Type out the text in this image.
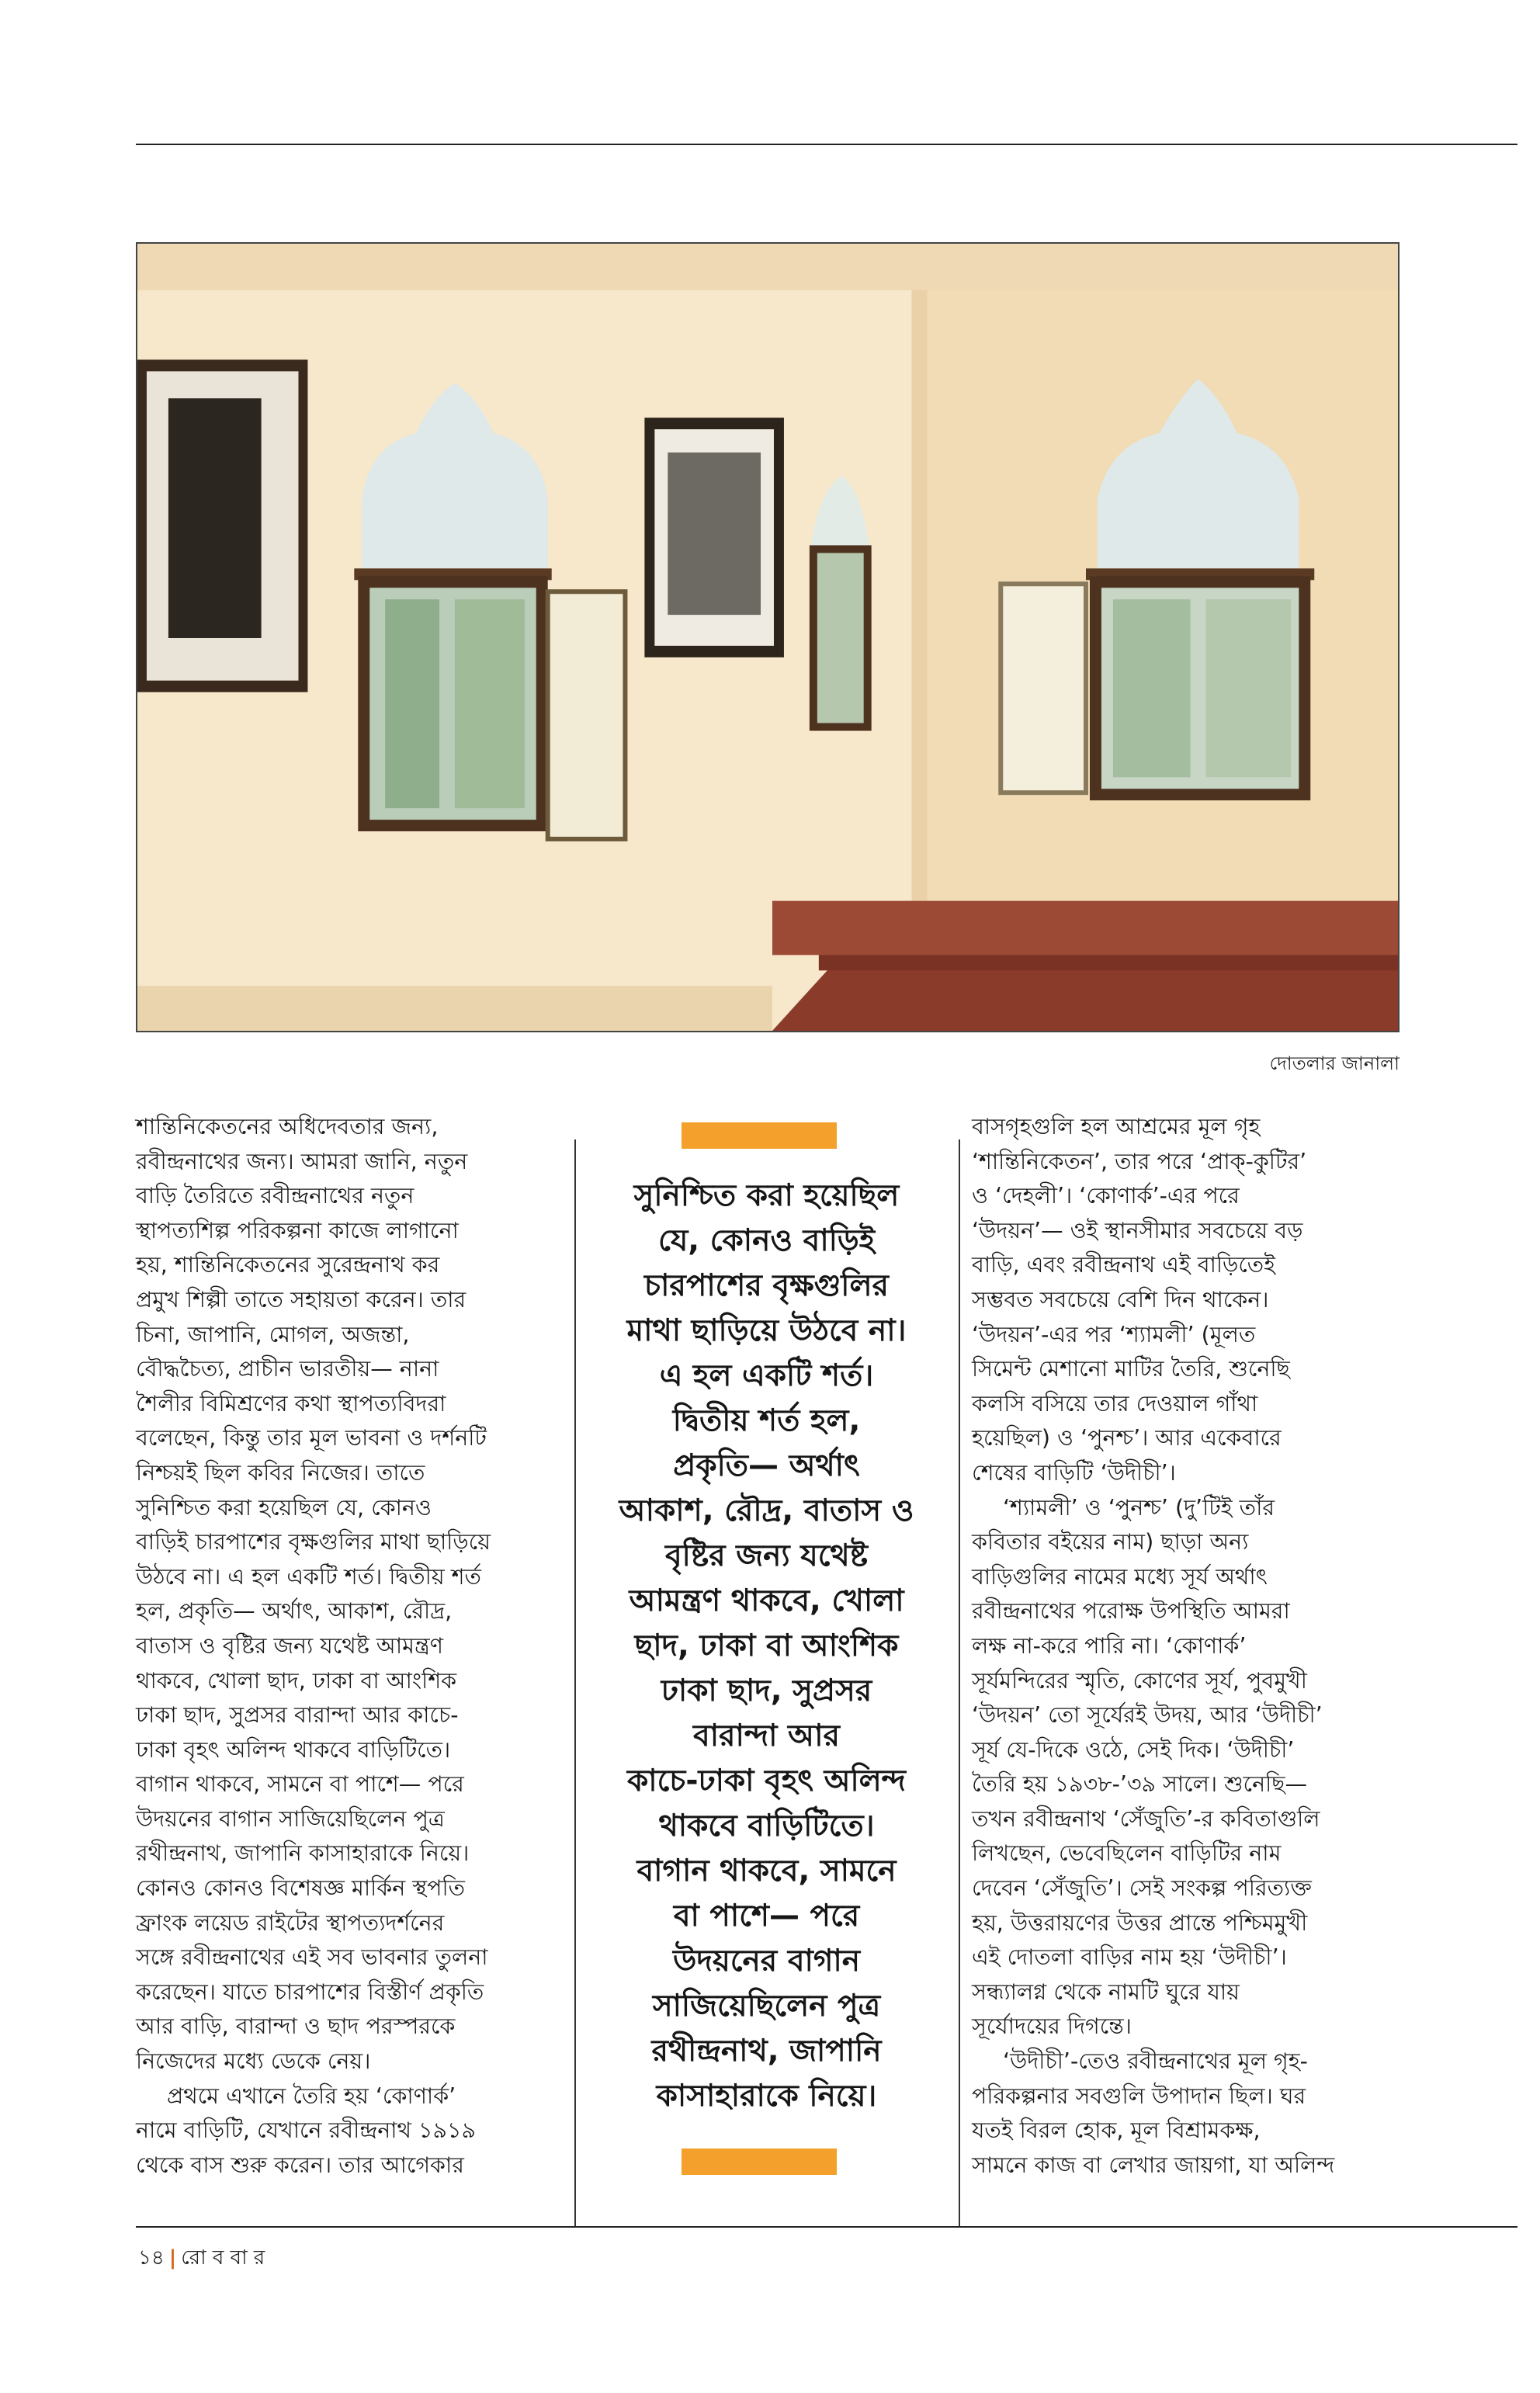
দোতলার জানালা

শান্তিনিকেতনের অধিদেবতার জন্য,
রবীন্দ্রনাথের জন্য। আমরা জানি, নতুন
বাড়ি তৈরিতে রবীন্দ্রনাথের নতুন
স্থাপত্যশিল্প পরিকল্পনা কাজে লাগানো
হয়, শান্তিনিকেতনের সুরেন্দ্রনাথ কর
প্রমুখ শিল্পী তাতে সহায়তা করেন। তার
চিনা, জাপানি, মোগল, অজন্তা,
বৌদ্ধচৈত্য, প্রাচীন ভারতীয়— নানা
শৈলীর বিমিশ্রণের কথা স্থাপত্যবিদরা
বলেছেন, কিন্তু তার মূল ভাবনা ও দর্শনটি
নিশ্চয়ই ছিল কবির নিজের। তাতে
সুনিশ্চিত করা হয়েছিল যে, কোনও
বাড়িই চারপাশের বৃক্ষগুলির মাথা ছাড়িয়ে
উঠবে না। এ হল একটি শর্ত। দ্বিতীয় শর্ত
হল, প্রকৃতি— অর্থাৎ, আকাশ, রৌদ্র,
বাতাস ও বৃষ্টির জন্য যথেষ্ট আমন্ত্রণ
থাকবে, খোলা ছাদ, ঢাকা বা আংশিক
ঢাকা ছাদ, সুপ্রসর বারান্দা আর কাচে-
ঢাকা বৃহৎ অলিন্দ থাকবে বাড়িটিতে।
বাগান থাকবে, সামনে বা পাশে— পরে
উদয়নের বাগান সাজিয়েছিলেন পুত্র
রথীন্দ্রনাথ, জাপানি কাসাহারাকে নিয়ে।
কোনও কোনও বিশেষজ্ঞ মার্কিন স্থপতি
ফ্রাংক লয়েড রাইটের স্থাপত্যদর্শনের
সঙ্গে রবীন্দ্রনাথের এই সব ভাবনার তুলনা
করেছেন। যাতে চারপাশের বিস্তীর্ণ প্রকৃতি
আর বাড়ি, বারান্দা ও ছাদ পরস্পরকে
নিজেদের মধ্যে ডেকে নেয়।

প্রথমে এখানে তৈরি হয় ‘কোণার্ক’
নামে বাড়িটি, যেখানে রবীন্দ্রনাথ ১৯১৯
থেকে বাস শুরু করেন। তার আগেকার

সুনিশ্চিত করা হয়েছিল
যে, কোনও বাড়িই
চারপাশের বৃক্ষগুলির
মাথা ছাড়িয়ে উঠবে না।
এ হল একটি শর্ত।
দ্বিতীয় শর্ত হল,
প্রকৃতি— অর্থাৎ
আকাশ, রৌদ্র, বাতাস ও
বৃষ্টির জন্য যথেষ্ট
আমন্ত্রণ থাকবে, খোলা
ছাদ, ঢাকা বা আংশিক
ঢাকা ছাদ, সুপ্রসর
বারান্দা আর
কাচে-ঢাকা বৃহৎ অলিন্দ
থাকবে বাড়িটিতে।
বাগান থাকবে, সামনে
বা পাশে— পরে
উদয়নের বাগান
সাজিয়েছিলেন পুত্র
রথীন্দ্রনাথ, জাপানি
কাসাহারাকে নিয়ে।

বাসগৃহগুলি হল আশ্রমের মূল গৃহ
‘শান্তিনিকেতন’, তার পরে ‘প্রাক্-কুটির’
ও ‘দেহলী’। ‘কোণার্ক’-এর পরে
‘উদয়ন’— ওই স্থানসীমার সবচেয়ে বড়
বাড়ি, এবং রবীন্দ্রনাথ এই বাড়িতেই
সম্ভবত সবচেয়ে বেশি দিন থাকেন।
‘উদয়ন’-এর পর ‘শ্যামলী’ (মূলত
সিমেন্ট মেশানো মাটির তৈরি, শুনেছি
কলসি বসিয়ে তার দেওয়াল গাঁথা
হয়েছিল) ও ‘পুনশ্চ’। আর একেবারে
শেষের বাড়িটি ‘উদীচী’।

‘শ্যামলী’ ও ‘পুনশ্চ’ (দু’টিই তাঁর
কবিতার বইয়ের নাম) ছাড়া অন্য
বাড়িগুলির নামের মধ্যে সূর্য অর্থাৎ
রবীন্দ্রনাথের পরোক্ষ উপস্থিতি আমরা
লক্ষ না-করে পারি না। ‘কোণার্ক’
সূর্যমন্দিরের স্মৃতি, কোণের সূর্য, পুবমুখী
‘উদয়ন’ তো সূর্যেরই উদয়, আর ‘উদীচী’
সূর্য যে-দিকে ওঠে, সেই দিক। ‘উদীচী’
তৈরি হয় ১৯৩৮-’৩৯ সালে। শুনেছি—
তখন রবীন্দ্রনাথ ‘সেঁজুতি’-র কবিতাগুলি
লিখছেন, ভেবেছিলেন বাড়িটির নাম
দেবেন ‘সেঁজুতি’। সেই সংকল্প পরিত্যক্ত
হয়, উত্তরায়ণের উত্তর প্রান্তে পশ্চিমমুখী
এই দোতলা বাড়ির নাম হয় ‘উদীচী’।
সন্ধ্যালগ্ন থেকে নামটি ঘুরে যায়
সূর্যোদয়ের দিগন্তে।

‘উদীচী’-তেও রবীন্দ্রনাথের মূল গৃহ-
পরিকল্পনার সবগুলি উপাদান ছিল। ঘর
যতই বিরল হোক, মূল বিশ্রামকক্ষ,
সামনে কাজ বা লেখার জায়গা, যা অলিন্দ

১৪ | রো ব বা র
